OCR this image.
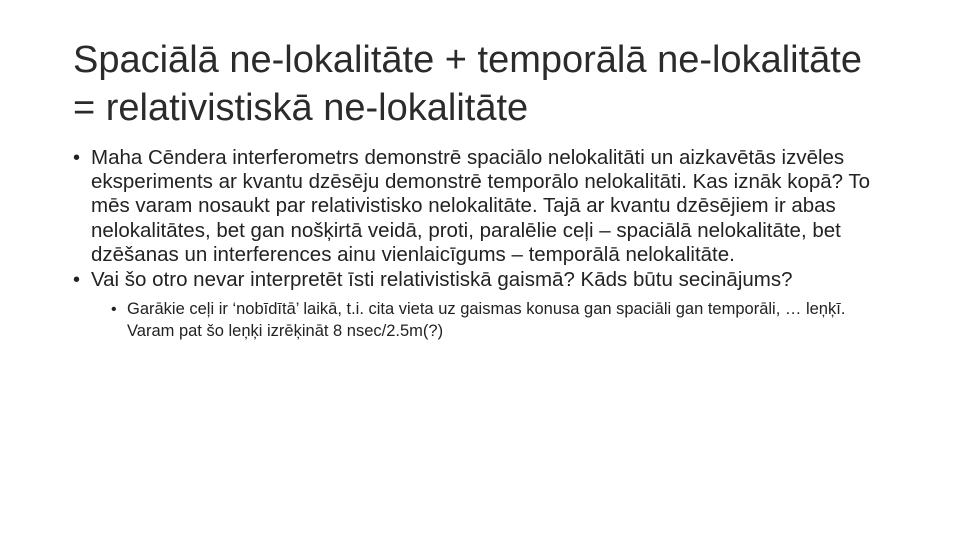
Spaciālā ne-lokalitāte + temporālā ne-lokalitāte = relativistiskā ne-lokalitāte
• Maha Cēndera interferometrs demonstrē spaciālo nelokalitāti un aizkavētās izvēles eksperiments ar kvantu dzēsēju demonstrē temporālo nelokalitāti. Kas iznāk kopā? To mēs varam nosaukt par relativistisko nelokalitāte. Tajā ar kvantu dzēsējiem ir abas nelokalitātes, bet gan nošķirtā veidā, proti, paralēlie ceļi – spaciālā nelokalitāte, bet dzēšanas un interferences ainu vienlaicīgums – temporālā nelokalitāte.
• Vai šo otro nevar interpretēt īsti relativistiskā gaismā? Kāds būtu secinājums?
• Garākie ceļi ir ‘nobīdītā’ laikā, t.i. cita vieta uz gaismas konusa gan spaciāli gan temporāli, … leņķī. Varam pat šo leņķi izrēķināt 8 nsec/2.5m(?)
